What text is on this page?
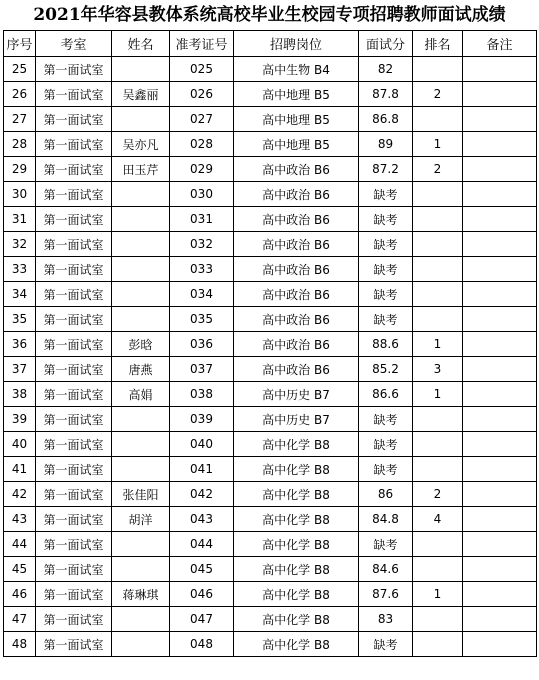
2021年华容县教体系统高校毕业生校园专项招聘教师面试成绩
序号	考室	姓名	准考证号	招聘岗位	面试分	排名	备注
25	第一面试室		025	高中生物 B4	82		
26	第一面试室	吴鑫丽	026	高中地理 B5	87.8	2	
27	第一面试室		027	高中地理 B5	86.8		
28	第一面试室	吴亦凡	028	高中地理 B5	89	1	
29	第一面试室	田玉芹	029	高中政治 B6	87.2	2	
30	第一面试室		030	高中政治 B6	缺考		
31	第一面试室		031	高中政治 B6	缺考		
32	第一面试室		032	高中政治 B6	缺考		
33	第一面试室		033	高中政治 B6	缺考		
34	第一面试室		034	高中政治 B6	缺考		
35	第一面试室		035	高中政治 B6	缺考		
36	第一面试室	彭晗	036	高中政治 B6	88.6	1	
37	第一面试室	唐燕	037	高中政治 B6	85.2	3	
38	第一面试室	高娟	038	高中历史 B7	86.6	1	
39	第一面试室		039	高中历史 B7	缺考		
40	第一面试室		040	高中化学 B8	缺考		
41	第一面试室		041	高中化学 B8	缺考		
42	第一面试室	张佳阳	042	高中化学 B8	86	2	
43	第一面试室	胡洋	043	高中化学 B8	84.8	4	
44	第一面试室		044	高中化学 B8	缺考		
45	第一面试室		045	高中化学 B8	84.6		
46	第一面试室	蒋琳琪	046	高中化学 B8	87.6	1	
47	第一面试室		047	高中化学 B8	83		
48	第一面试室		048	高中化学 B8	缺考		
